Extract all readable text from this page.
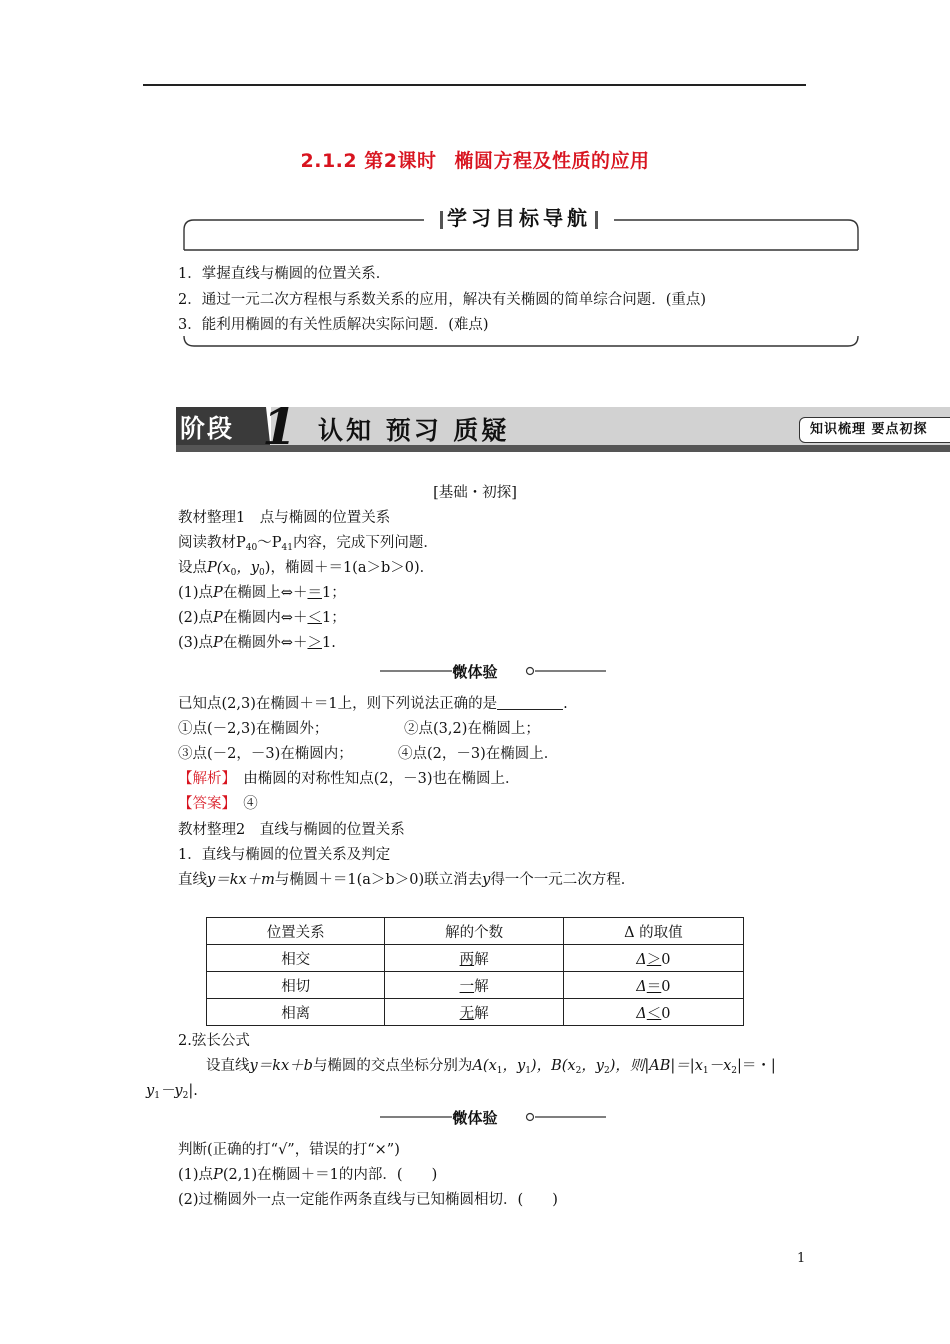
2.1.2 第2课时 椭圆方程及性质的应用
学习目标导航
1．掌握直线与椭圆的位置关系．
2．通过一元二次方程根与系数关系的应用，解决有关椭圆的简单综合问题．(重点)
3．能利用椭圆的有关性质解决实际问题．(难点)
阶段 1 认知 预习 质疑	知识梳理 要点初探
[基础・初探]
教材整理1　点与椭圆的位置关系
阅读教材$P_{40}\sim P_{41}$内容，完成下列问题．
设点$P(x_0$，$y_0$)，椭圆＋＝1(a＞b＞0)．
(1)点P在椭圆上⇔＋＝1；
(2)点P在椭圆内⇔＋＜1；
(3)点P在椭圆外⇔＋＞1.
微体验
已知点(2,3)在椭圆＋＝1上，则下列说法正确的是	.
①点(－2,3)在椭圆外；	②点(3,2)在椭圆上；
③点(－2，－3)在椭圆内；	④点(2，－3)在椭圆上．
【解析】　 由椭圆的对称性知点(2，－3)也在椭圆上．
【答案】　 ④
教材整理2　直线与椭圆的位置关系
1．直线与椭圆的位置关系及判定
直线y＝kx＋m与椭圆＋＝1(a＞b＞0)联立消去y得一个一元二次方程．
位置关系	解的个数	Δ 的取值
相交	两解	Δ＞0
相切	一解	Δ＝0
相离	无解	Δ＜0
2.弦长公式
设直线y＝kx＋b与椭圆的交点坐标分别为$A(x_1$，$y_1$)，$B(x_2$，$y_2$)，则$|AB|=|x_1-x_2|=$・|
$y_1-y_2|$.
微体验
判断(正确的打“√”，错误的打“×”)
(1)点P(2,1)在椭圆＋＝1的内部．(　　)
(2)过椭圆外一点一定能作两条直线与已知椭圆相切．(　　)
1
